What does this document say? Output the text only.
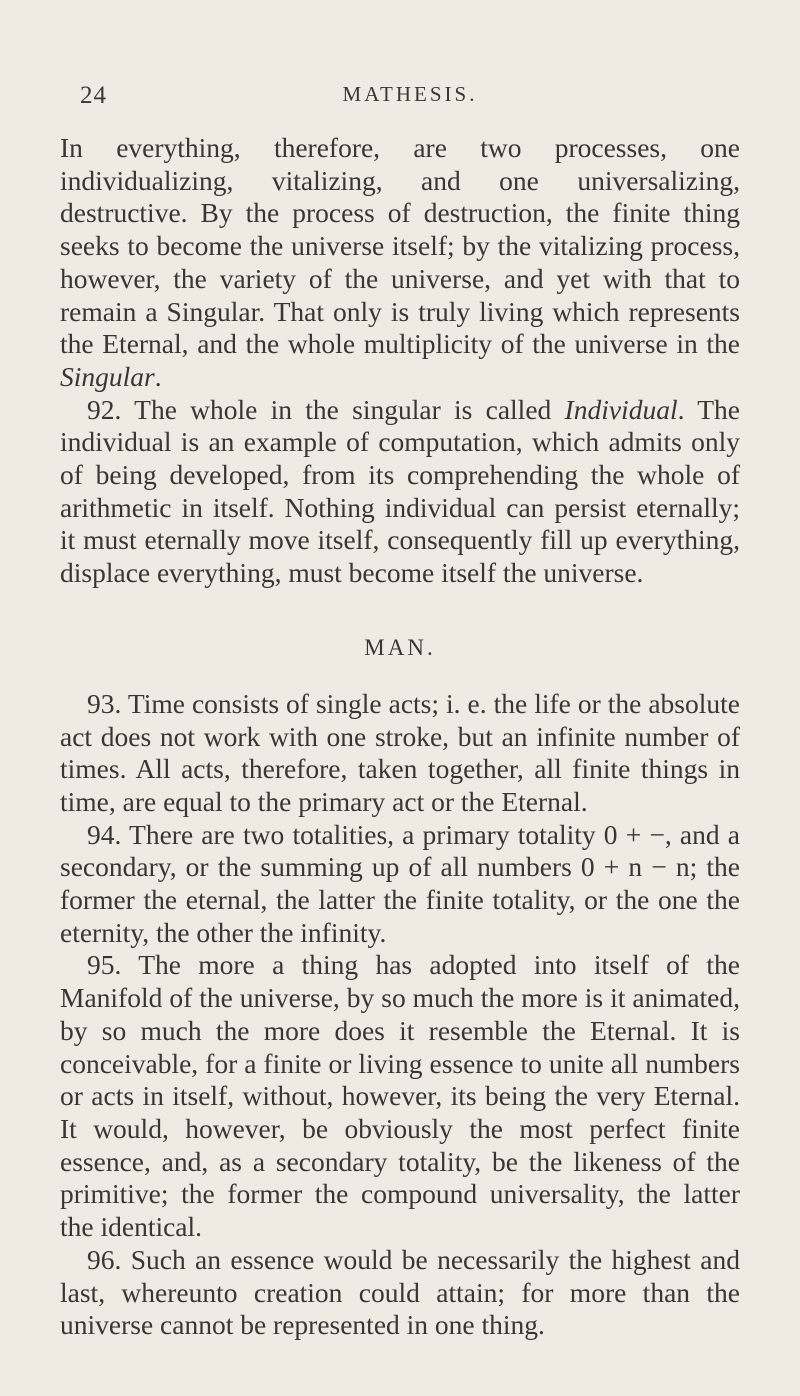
24	MATHESIS.

In everything, therefore, are two processes, one individualizing, vitalizing, and one universalizing, destructive. By the process of destruction, the finite thing seeks to become the universe itself; by the vitalizing process, however, the variety of the universe, and yet with that to remain a Singular. That only is truly living which represents the Eternal, and the whole multiplicity of the universe in the Singular.

92. The whole in the singular is called Individual. The individual is an example of computation, which admits only of being developed, from its comprehending the whole of arithmetic in itself. Nothing individual can persist eternally; it must eternally move itself, consequently fill up everything, displace everything, must become itself the universe.

MAN.

93. Time consists of single acts; i. e. the life or the absolute act does not work with one stroke, but an infinite number of times. All acts, therefore, taken together, all finite things in time, are equal to the primary act or the Eternal.

94. There are two totalities, a primary totality 0 + −, and a secondary, or the summing up of all numbers 0 + n − n; the former the eternal, the latter the finite totality, or the one the eternity, the other the infinity.

95. The more a thing has adopted into itself of the Manifold of the universe, by so much the more is it animated, by so much the more does it resemble the Eternal. It is conceivable, for a finite or living essence to unite all numbers or acts in itself, without, however, its being the very Eternal. It would, however, be obviously the most perfect finite essence, and, as a secondary totality, be the likeness of the primitive; the former the compound universality, the latter the identical.

96. Such an essence would be necessarily the highest and last, whereunto creation could attain; for more than the universe cannot be represented in one thing.
